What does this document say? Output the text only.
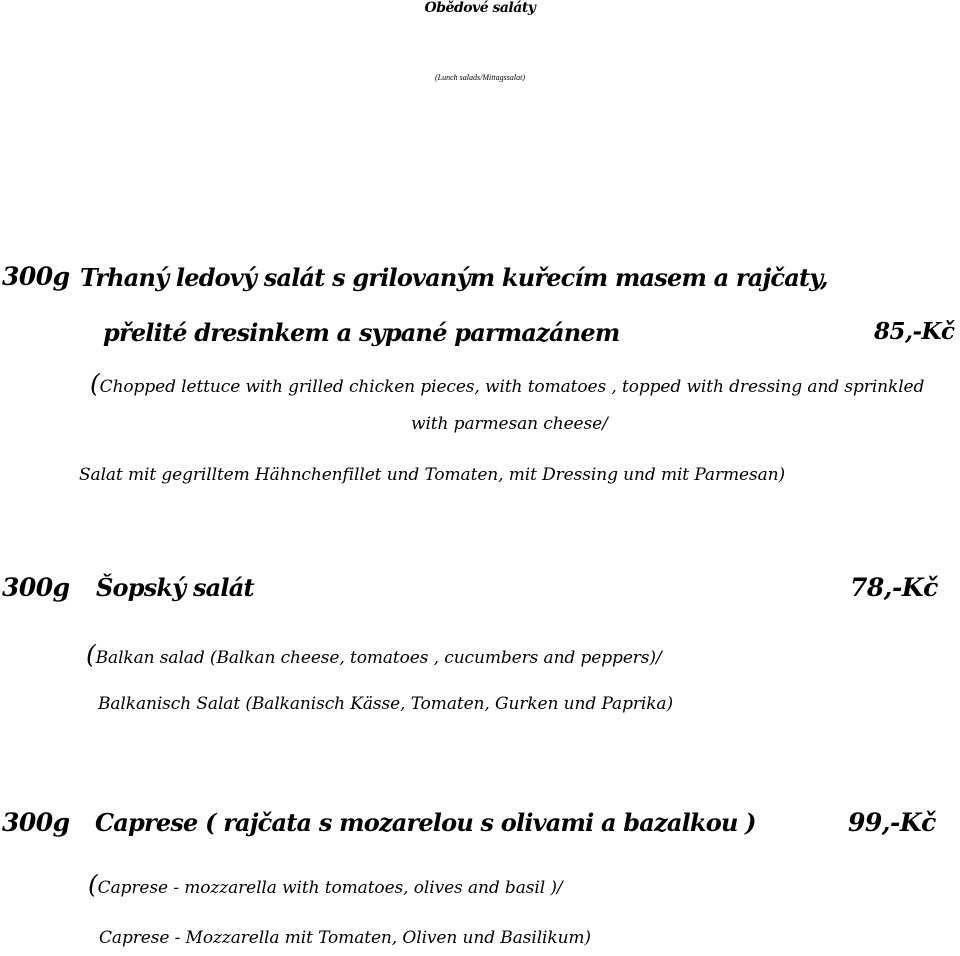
Obědové saláty
(Lunch salads/Mittagssalat)
300g Trhaný ledový salát s grilovaným kuřecím masem a rajčaty,
přelité dresinkem a sypané parmazánem	85,-Kč
(Chopped lettuce with grilled chicken pieces, with tomatoes , topped with dressing and sprinkled
with parmesan cheese/
Salat mit gegrilltem Hähnchenfillet und Tomaten, mit Dressing und mit Parmesan)
300g Šopský salát	78,-Kč
(Balkan salad (Balkan cheese, tomatoes , cucumbers and peppers)/
Balkanisch Salat (Balkanisch Kässe, Tomaten, Gurken und Paprika)
300g Caprese ( rajčata s mozarelou s olivami a bazalkou )	99,-Kč
(Caprese - mozzarella with tomatoes, olives and basil )/
Caprese - Mozzarella mit Tomaten, Oliven und Basilikum)
